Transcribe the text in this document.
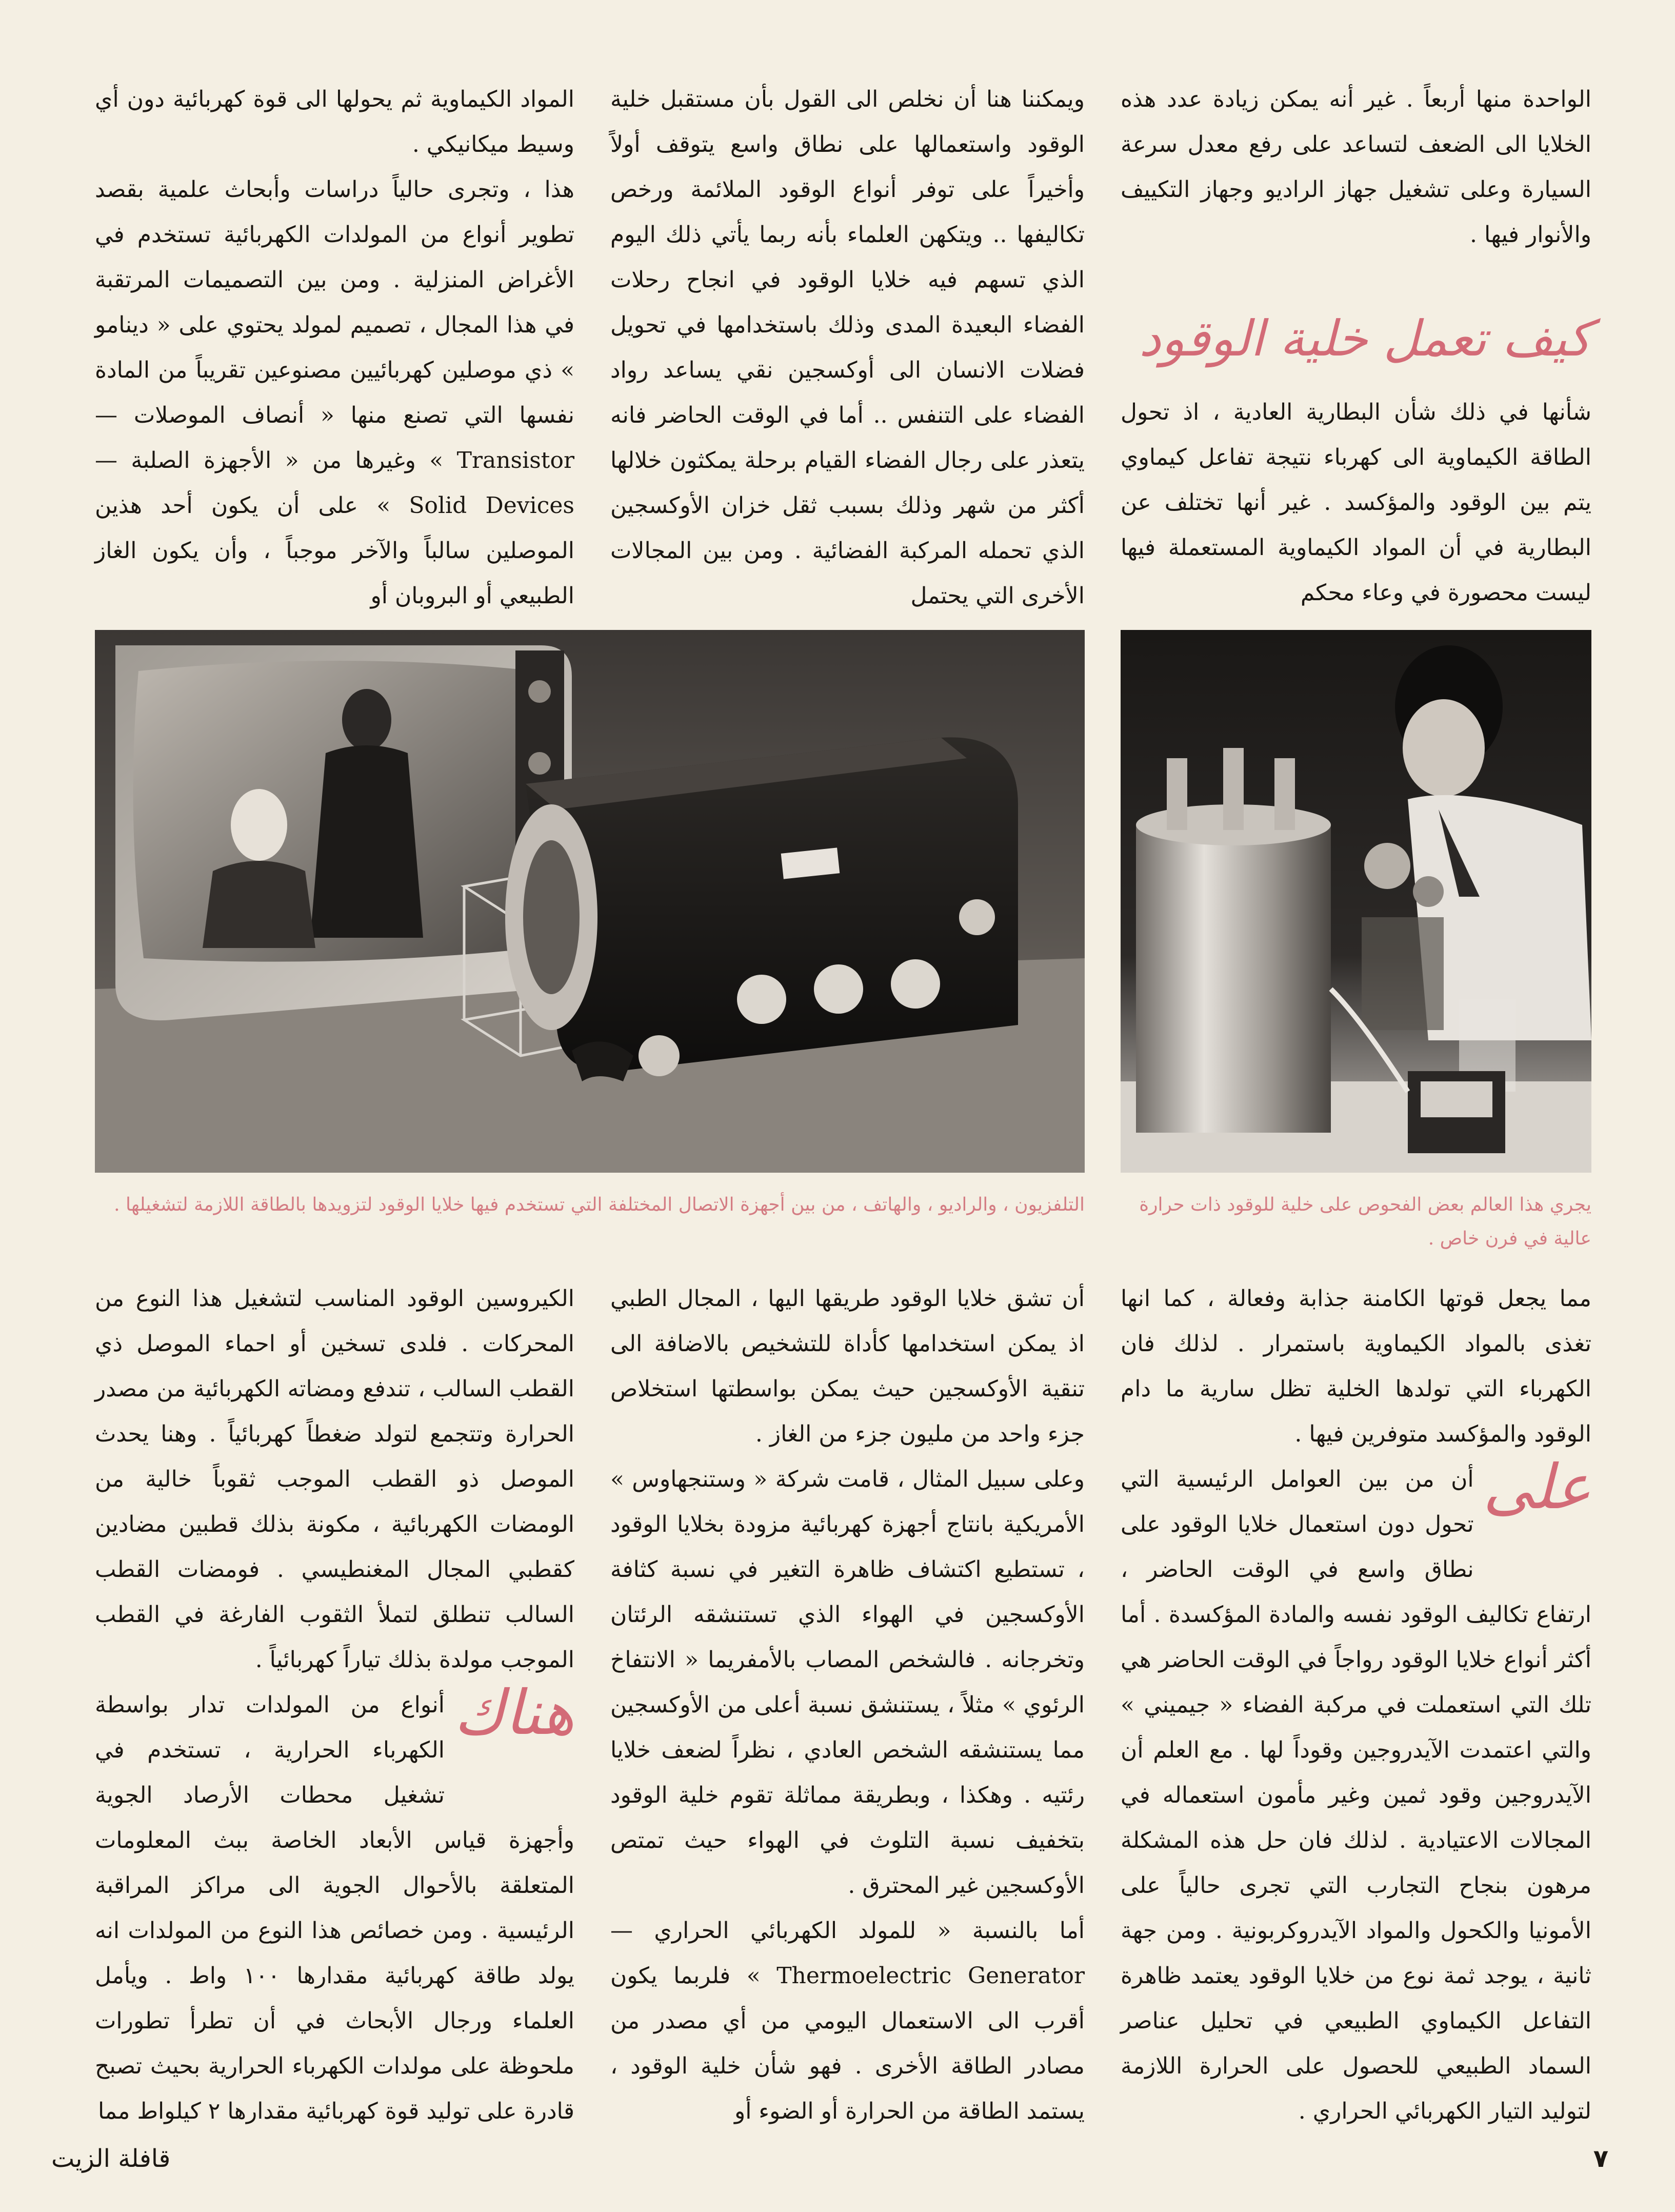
الواحدة منها أربعاً . غير أنه يمكن زيادة عدد هذه الخلايا الى الضعف لتساعد على رفع معدل سرعة السيارة وعلى تشغيل جهاز الراديو وجهاز التكييف والأنوار فيها .

كيف تعمل خلية الوقود

شأنها في ذلك شأن البطارية العادية ، اذ تحول الطاقة الكيماوية الى كهرباء نتيجة تفاعل كيماوي يتم بين الوقود والمؤكسد . غير أنها تختلف عن البطارية في أن المواد الكيماوية المستعملة فيها ليست محصورة في وعاء محكم

ويمكننا هنا أن نخلص الى القول بأن مستقبل خلية الوقود واستعمالها على نطاق واسع يتوقف أولاً وأخيراً على توفر أنواع الوقود الملائمة ورخص تكاليفها .. ويتكهن العلماء بأنه ربما يأتي ذلك اليوم الذي تسهم فيه خلايا الوقود في انجاح رحلات الفضاء البعيدة المدى وذلك باستخدامها في تحويل فضلات الانسان الى أوكسجين نقي يساعد رواد الفضاء على التنفس .. أما في الوقت الحاضر فانه يتعذر على رجال الفضاء القيام برحلة يمكثون خلالها أكثر من شهر وذلك بسبب ثقل خزان الأوكسجين الذي تحمله المركبة الفضائية . ومن بين المجالات الأخرى التي يحتمل

المواد الكيماوية ثم يحولها الى قوة كهربائية دون أي وسيط ميكانيكي .

هذا ، وتجرى حالياً دراسات وأبحاث علمية بقصد تطوير أنواع من المولدات الكهربائية تستخدم في الأغراض المنزلية . ومن بين التصميمات المرتقبة في هذا المجال ، تصميم لمولد يحتوي على « دينامو » ذي موصلين كهربائيين مصنوعين تقريباً من المادة نفسها التي تصنع منها « أنصاف الموصلات — Transistor » وغيرها من « الأجهزة الصلبة — Solid Devices » على أن يكون أحد هذين الموصلين سالباً والآخر موجباً ، وأن يكون الغاز الطبيعي أو البروبان أو

يجري هذا العالم بعض الفحوص على خلية للوقود ذات حرارة عالية في فرن خاص .
التلفزيون ، والراديو ، والهاتف ، من بين أجهزة الاتصال المختلفة التي تستخدم فيها خلايا الوقود لتزويدها بالطاقة اللازمة لتشغيلها .

مما يجعل قوتها الكامنة جذابة وفعالة ، كما انها تغذى بالمواد الكيماوية باستمرار . لذلك فان الكهرباء التي تولدها الخلية تظل سارية ما دام الوقود والمؤكسد متوفرين فيها .

على
أن من بين العوامل الرئيسية التي تحول دون استعمال خلايا الوقود على نطاق واسع في الوقت الحاضر ، ارتفاع تكاليف الوقود نفسه والمادة المؤكسدة . أما أكثر أنواع خلايا الوقود رواجاً في الوقت الحاضر هي تلك التي استعملت في مركبة الفضاء « جيميني » والتي اعتمدت الآيدروجين وقوداً لها . مع العلم أن الآيدروجين وقود ثمين وغير مأمون استعماله في المجالات الاعتيادية . لذلك فان حل هذه المشكلة مرهون بنجاح التجارب التي تجرى حالياً على الأمونيا والكحول والمواد الآيدروكربونية . ومن جهة ثانية ، يوجد ثمة نوع من خلايا الوقود يعتمد ظاهرة التفاعل الكيماوي الطبيعي في تحليل عناصر السماد الطبيعي للحصول على الحرارة اللازمة لتوليد التيار الكهربائي الحراري .

أن تشق خلايا الوقود طريقها اليها ، المجال الطبي اذ يمكن استخدامها كأداة للتشخيص بالاضافة الى تنقية الأوكسجين حيث يمكن بواسطتها استخلاص جزء واحد من مليون جزء من الغاز .

وعلى سبيل المثال ، قامت شركة « وستنجهاوس » الأمريكية بانتاج أجهزة كهربائية مزودة بخلايا الوقود ، تستطيع اكتشاف ظاهرة التغير في نسبة كثافة الأوكسجين في الهواء الذي تستنشقه الرئتان وتخرجانه . فالشخص المصاب بالأمفريما « الانتفاخ الرئوي » مثلاً ، يستنشق نسبة أعلى من الأوكسجين مما يستنشقه الشخص العادي ، نظراً لضعف خلايا رئتيه . وهكذا ، وبطريقة مماثلة تقوم خلية الوقود بتخفيف نسبة التلوث في الهواء حيث تمتص الأوكسجين غير المحترق .

أما بالنسبة « للمولد الكهربائي الحراري — Thermoelectric Generator » فلربما يكون أقرب الى الاستعمال اليومي من أي مصدر من مصادر الطاقة الأخرى . فهو شأن خلية الوقود ، يستمد الطاقة من الحرارة أو الضوء أو

الكيروسين الوقود المناسب لتشغيل هذا النوع من المحركات . فلدى تسخين أو احماء الموصل ذي القطب السالب ، تندفع ومضاته الكهربائية من مصدر الحرارة وتتجمع لتولد ضغطاً كهربائياً . وهنا يحدث الموصل ذو القطب الموجب ثقوباً خالية من الومضات الكهربائية ، مكونة بذلك قطبين مضادين كقطبي المجال المغنطيسي . فومضات القطب السالب تنطلق لتملأ الثقوب الفارغة في القطب الموجب مولدة بذلك تياراً كهربائياً .

هناك
أنواع من المولدات تدار بواسطة الكهرباء الحرارية ، تستخدم في تشغيل محطات الأرصاد الجوية وأجهزة قياس الأبعاد الخاصة ببث المعلومات المتعلقة بالأحوال الجوية الى مراكز المراقبة الرئيسية . ومن خصائص هذا النوع من المولدات انه يولد طاقة كهربائية مقدارها ١٠٠ واط . ويأمل العلماء ورجال الأبحاث في أن تطرأ تطورات ملحوظة على مولدات الكهرباء الحرارية بحيث تصبح قادرة على توليد قوة كهربائية مقدارها ٢ كيلواط مما

٧
قافلة الزيت
